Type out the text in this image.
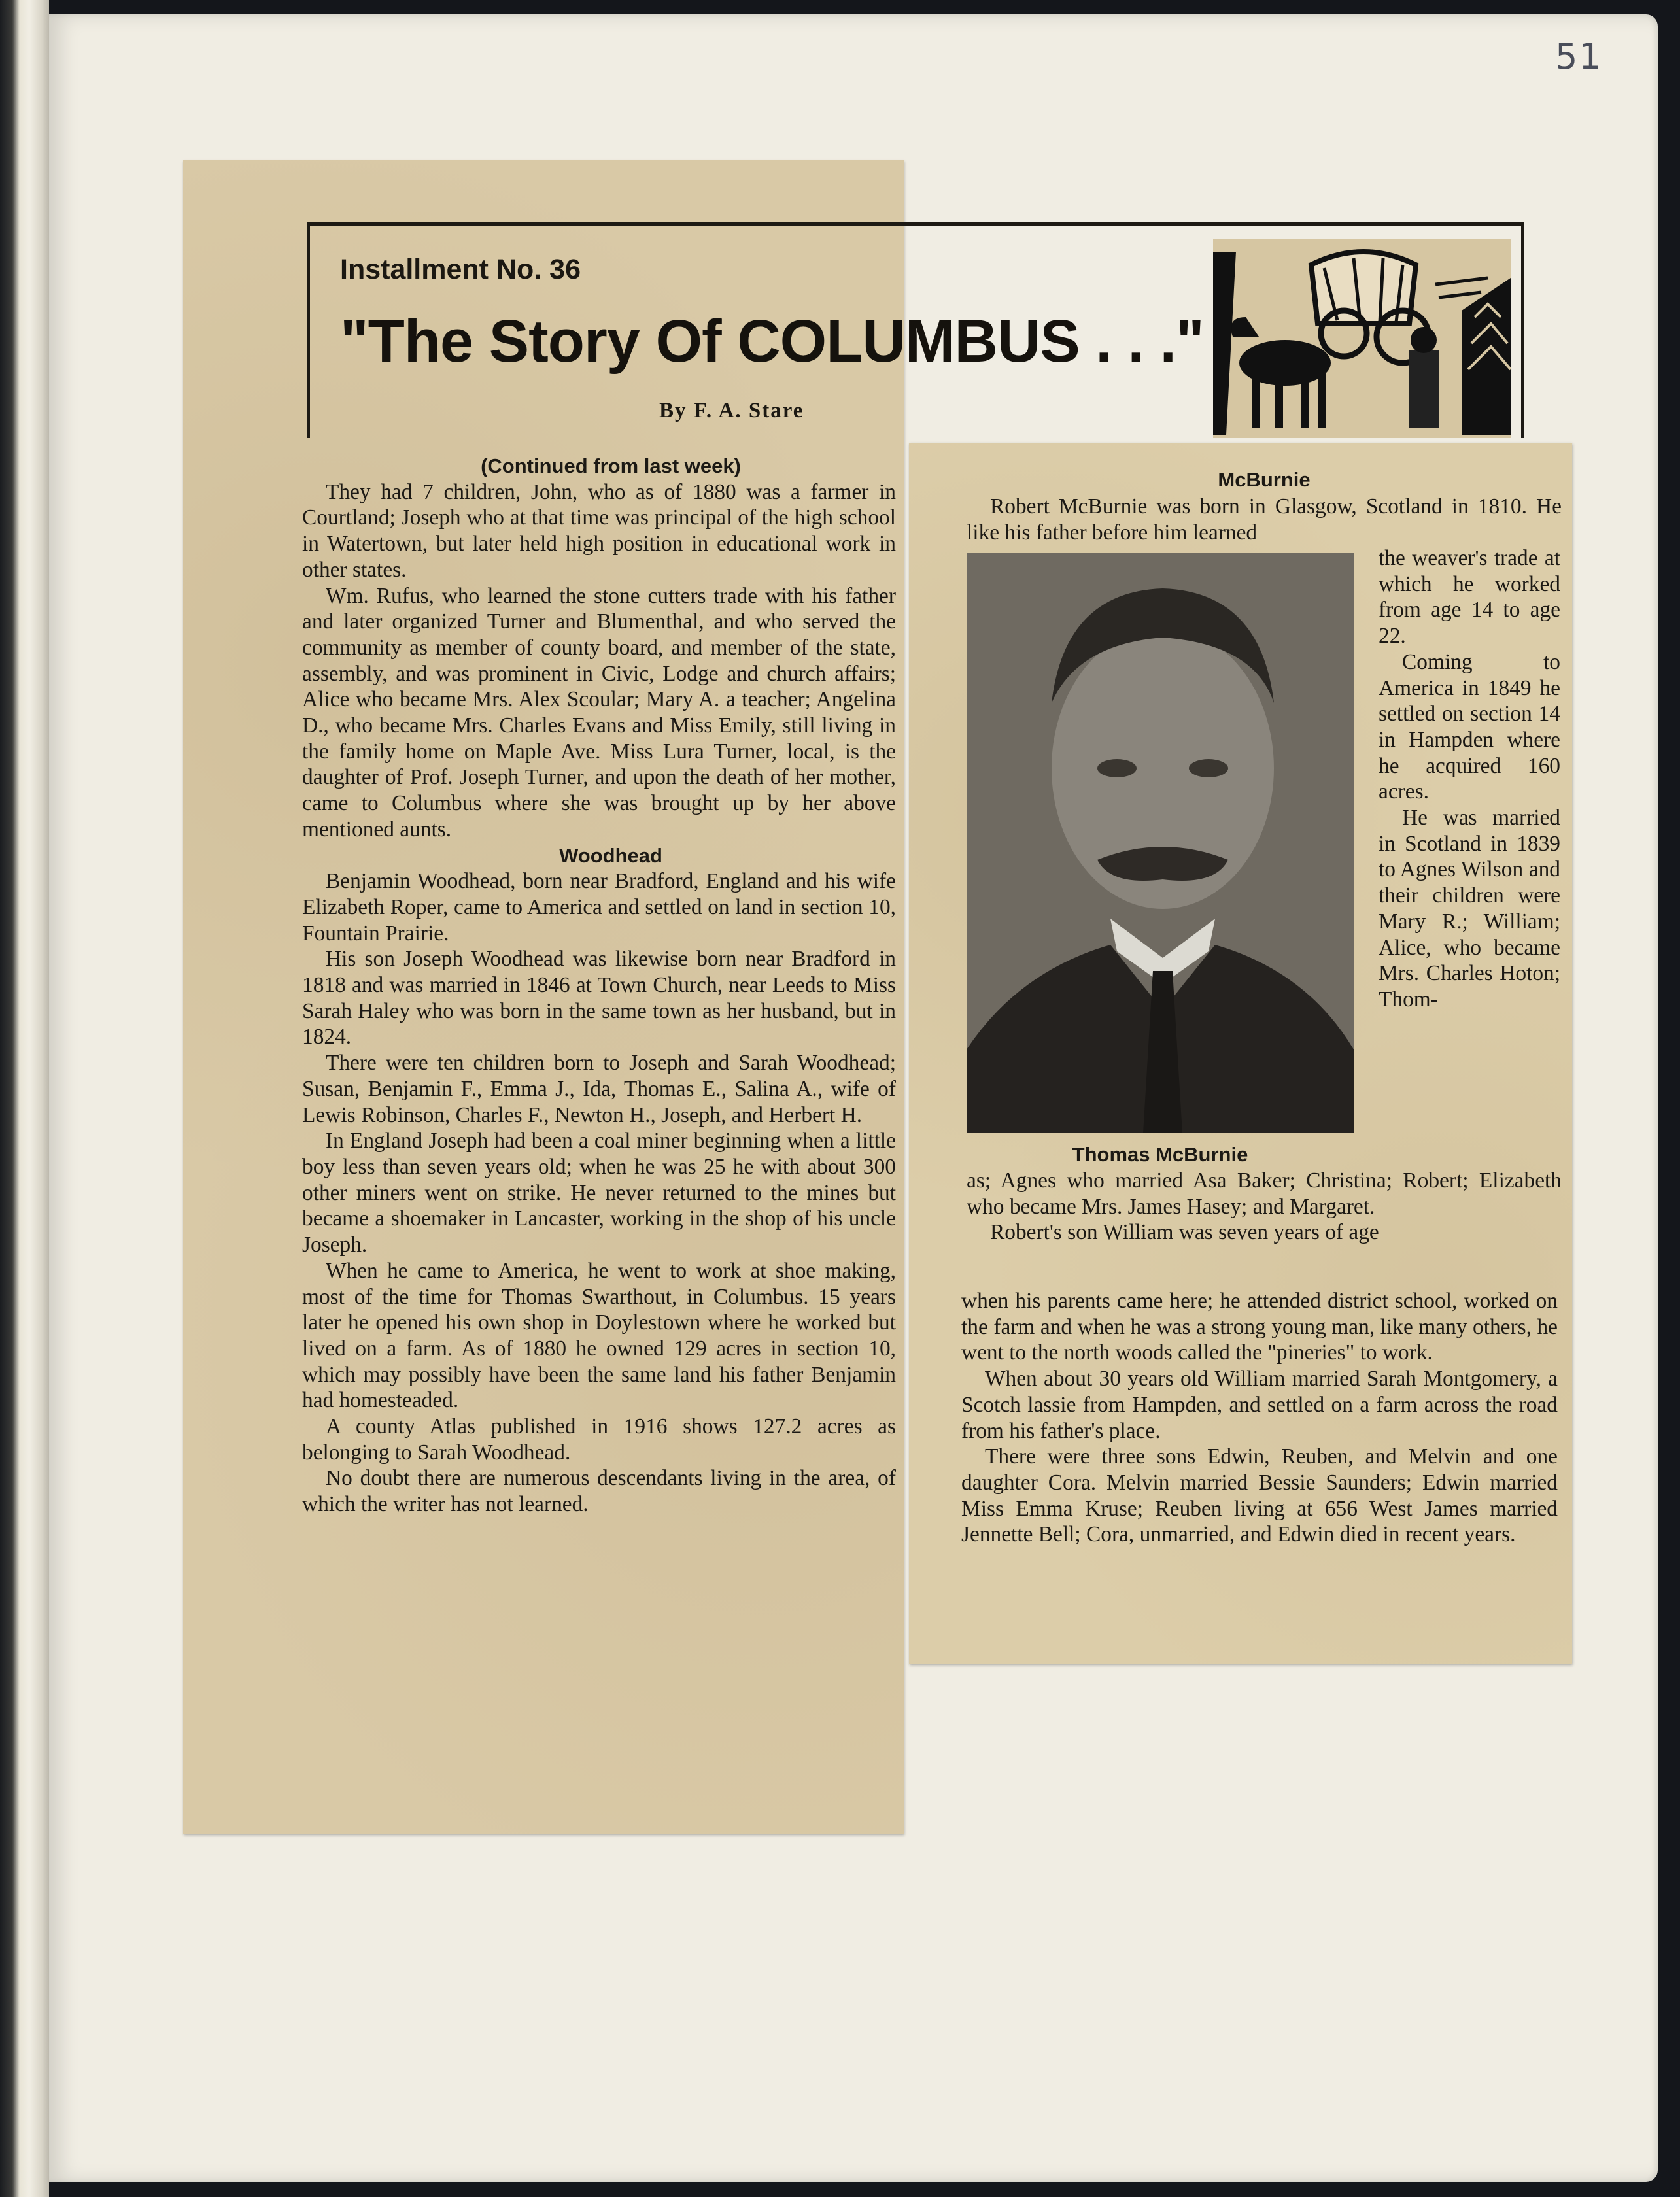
51
Installment No. 36
"The Story Of COLUMBUS . . ."
By F. A. Stare

(Continued from last week)

They had 7 children, John, who as of 1880 was a farmer in Courtland; Joseph who at that time was principal of the high school in Watertown, but later held high position in educational work in other states.

Wm. Rufus, who learned the stone cutters trade with his father and later organized Turner and Blumenthal, and who served the community as member of county board, and member of the state, assembly, and was prominent in Civic, Lodge and church affairs; Alice who became Mrs. Alex Scoular; Mary A. a teacher; Angelina D., who became Mrs. Charles Evans and Miss Emily, still living in the family home on Maple Ave. Miss Lura Turner, local, is the daughter of Prof. Joseph Turner, and upon the death of her mother, came to Columbus where she was brought up by her above mentioned aunts.

Woodhead

Benjamin Woodhead, born near Bradford, England and his wife Elizabeth Roper, came to America and settled on land in section 10, Fountain Prairie.

His son Joseph Woodhead was likewise born near Bradford in 1818 and was married in 1846 at Town Church, near Leeds to Miss Sarah Haley who was born in the same town as her husband, but in 1824.

There were ten children born to Joseph and Sarah Woodhead; Susan, Benjamin F., Emma J., Ida, Thomas E., Salina A., wife of Lewis Robinson, Charles F., Newton H., Joseph, and Herbert H.

In England Joseph had been a coal miner beginning when a little boy less than seven years old; when he was 25 he with about 300 other miners went on strike. He never returned to the mines but became a shoemaker in Lancaster, working in the shop of his uncle Joseph.

When he came to America, he went to work at shoe making, most of the time for Thomas Swarthout, in Columbus. 15 years later he opened his own shop in Doylestown where he worked but lived on a farm. As of 1880 he owned 129 acres in section 10, which may possibly have been the same land his father Benjamin had homesteaded.

A county Atlas published in 1916 shows 127.2 acres as belonging to Sarah Woodhead.

No doubt there are numerous descendants living in the area, of which the writer has not learned.

McBurnie

Robert McBurnie was born in Glasgow, Scotland in 1810. He like his father before him learned

Thomas McBurnie

the weaver's trade at which he worked from age 14 to age 22.

Coming to America in 1849 he settled on section 14 in Hampden where he acquired 160 acres.

He was married in Scotland in 1839 to Agnes Wilson and their children were Mary R.; William; Alice, who became Mrs. Charles Hoton; Thom-

as; Agnes who married Asa Baker; Christina; Robert; Elizabeth who became Mrs. James Hasey; and Margaret.

Robert's son William was seven years of age

when his parents came here; he attended district school, worked on the farm and when he was a strong young man, like many others, he went to the north woods called the "pineries" to work.

When about 30 years old William married Sarah Montgomery, a Scotch lassie from Hampden, and settled on a farm across the road from his father's place.

There were three sons Edwin, Reuben, and Melvin and one daughter Cora. Melvin married Bessie Saunders; Edwin married Miss Emma Kruse; Reuben living at 656 West James married Jennette Bell; Cora, unmarried, and Edwin died in recent years.
